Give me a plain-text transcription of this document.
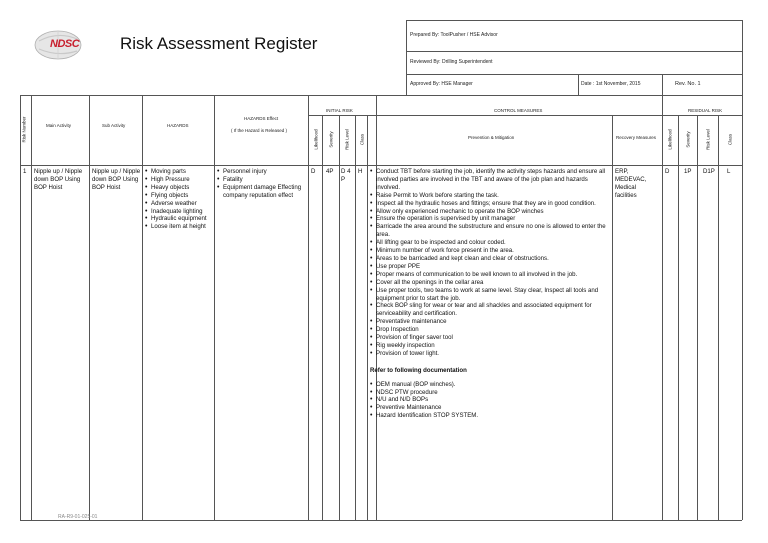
NDSC Risk Assessment Register	Prepared By: ToolPusher / HSE Advisor
Reviewed By: Drilling Superintendent
Approved By: HSE Manager	Date : 1st November, 2015	Rev. No. 1
Risk Number	Main Activity	Sub Activity	HAZARDS
HAZARDS Effect
( If the Hazard is Released )
INITIAL RISK	CONTROL MEASURES
Prevention & Mitigation	Recovery Measures
RESIDUAL RISK
Likelihood Severity Risk Level Class	Likelihood	Severity	Risk Level	Class
1 Nipple up / Nipple down BOP Using BOP Hoist
Nipple up / Nipple down BOP Using BOP Hoist
• Moving parts
• High Pressure
• Heavy objects
• Flying objects
• Adverse weather
• Inadequate lighting
• Hydraulic equipment
• Loose item at height
• Personnel injury
• Fatality
• Equipment damage Effecting company reputation effect
D 4P D 4P
H
•	Conduct TBT before starting the job, identify the activity steps hazards and ensure all involved parties are involved in the TBT and aware of the job plan and hazards involved.
• Raise Permit to Work before starting the task.
• Inspect all the hydraulic hoses and fittings; ensure that they are in good condition.
• Allow only experienced mechanic to operate the BOP winches
• Ensure the operation is supervised by unit manager
• Barricade the area around the substructure and ensure no one is allowed to enter the area.
• All lifting gear to be inspected and colour coded.
• Minimum number of work force present in the area.
• Areas to be barricaded and kept clean and clear of obstructions.
• Use proper PPE
• Proper means of communication to be well known to all involved in the job.
• Cover all the openings in the cellar area
• Use proper tools, two teams to work at same level. Stay clear, Inspect all tools and equipment prior to start the job.
• Check BOP sling for wear or tear and all shackles and associated equipment for serviceability and certification.
• Preventative maintenance
• Drop Inspection
• Provision of finger saver tool
• Rig weekly inspection
• Provision of tower light.
Refer to following documentation
• OEM manual (BOP winches).
• NDSC PTW procedure
• N/U and N/D BOPs
• Preventive Maintenance
• Hazard Identification STOP SYSTEM.
ERP, MEDEVAC, Medical facilities
D 1P D1P L
RA-R9-01-025-01
